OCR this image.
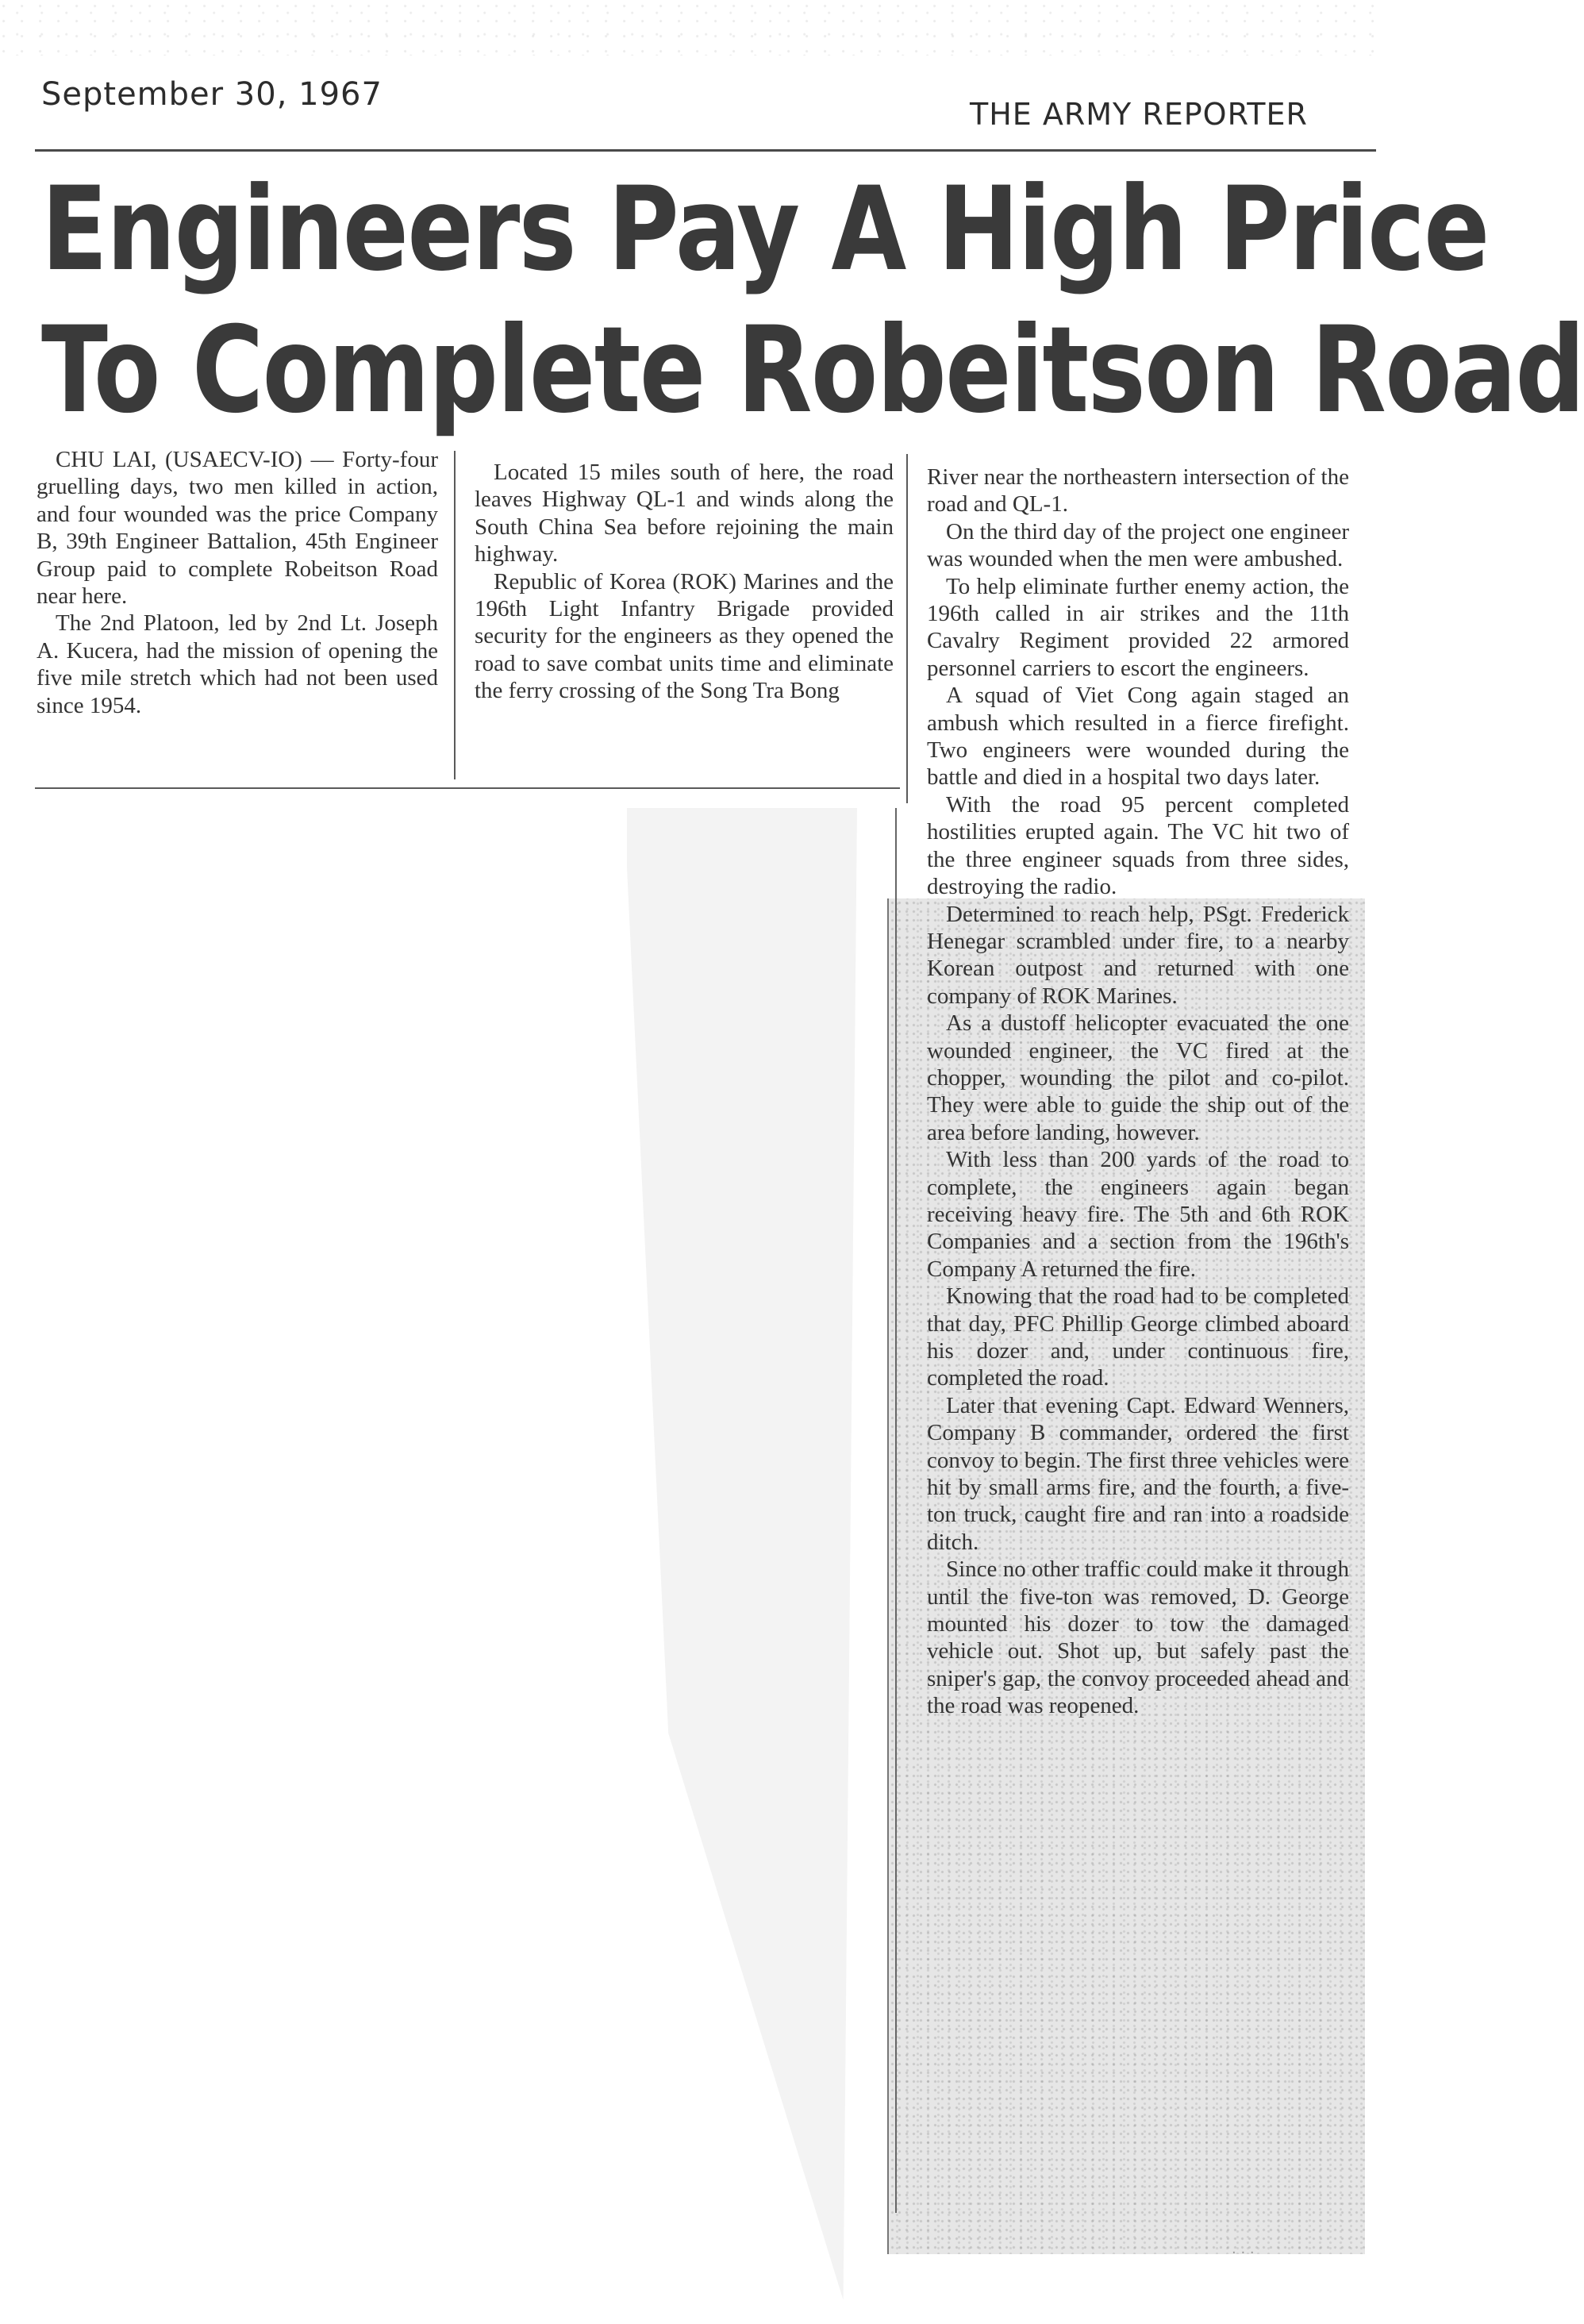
September 30, 1967
THE ARMY REPORTER
Engineers Pay A High Price
To Complete Robeitson Road

CHU LAI, (USAECV-IO) — Forty-four gruelling days, two men killed in action, and four wounded was the price Company B, 39th Engineer Battalion, 45th Engineer Group paid to complete Robeitson Road near here.

The 2nd Platoon, led by 2nd Lt. Joseph A. Kucera, had the mission of opening the five mile stretch which had not been used since 1954.

Located 15 miles south of here, the road leaves Highway QL-1 and winds along the South China Sea before rejoining the main highway.

Republic of Korea (ROK) Marines and the 196th Light Infantry Brigade provided security for the engineers as they opened the road to save combat units time and eliminate the ferry crossing of the Song Tra Bong

River near the northeastern intersection of the road and QL-1.

On the third day of the project one engineer was wounded when the men were ambushed.

To help eliminate further enemy action, the 196th called in air strikes and the 11th Cavalry Regiment provided 22 armored personnel carriers to escort the engineers.

A squad of Viet Cong again staged an ambush which resulted in a fierce firefight. Two engineers were wounded during the battle and died in a hospital two days later.

With the road 95 percent completed hostilities erupted again. The VC hit two of the three engineer squads from three sides, destroying the radio.

Determined to reach help, PSgt. Frederick Henegar scrambled under fire, to a nearby Korean outpost and returned with one company of ROK Marines.

As a dustoff helicopter evacuated the one wounded engineer, the VC fired at the chopper, wounding the pilot and co-pilot. They were able to guide the ship out of the area before landing, however.

With less than 200 yards of the road to complete, the engineers again began receiving heavy fire. The 5th and 6th ROK Companies and a section from the 196th's Company A returned the fire.

Knowing that the road had to be completed that day, PFC Phillip George climbed aboard his dozer and, under continuous fire, completed the road.

Later that evening Capt. Edward Wenners, Company B commander, ordered the first convoy to begin. The first three vehicles were hit by small arms fire, and the fourth, a five-ton truck, caught fire and ran into a roadside ditch.

Since no other traffic could make it through until the five-ton was removed, D. George mounted his dozer to tow the damaged vehicle out. Shot up, but safely past the sniper's gap, the convoy proceeded ahead and the road was reopened.

· · ·
